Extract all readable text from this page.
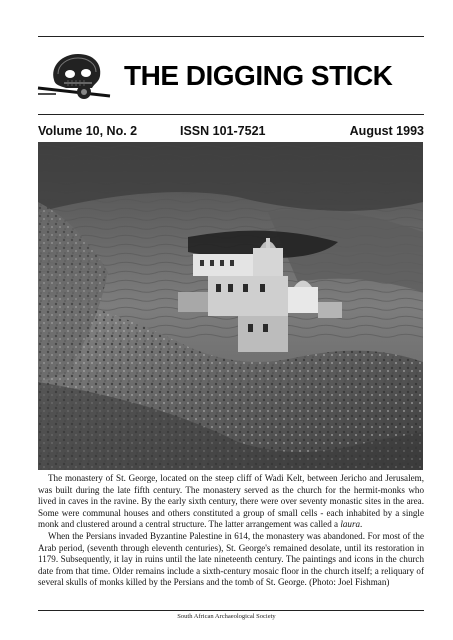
THE DIGGING STICK
Volume 10, No. 2	ISSN 101-7521	August 1993

The monastery of St. George, located on the steep cliff of Wadi Kelt, between Jericho and Jerusalem, was built during the late fifth century. The monastery served as the church for the hermit-monks who lived in caves in the ravine. By the early sixth century, there were over seventy monastic sites in the area. Some were communal houses and others constituted a group of small cells - each inhabited by a single monk and clustered around a central structure. The latter arrangement was called a laura.

When the Persians invaded Byzantine Palestine in 614, the monastery was abandoned. For most of the Arab period, (seventh through eleventh centuries), St. George's remained desolate, until its restoration in 1179. Subsequently, it lay in ruins until the late nineteenth century. The paintings and icons in the church date from that time. Older remains include a sixth-century mosaic floor in the church itself; a reliquary of several skulls of monks killed by the Persians and the tomb of St. George. (Photo: Joel Fishman)

South African Archaeological Society
